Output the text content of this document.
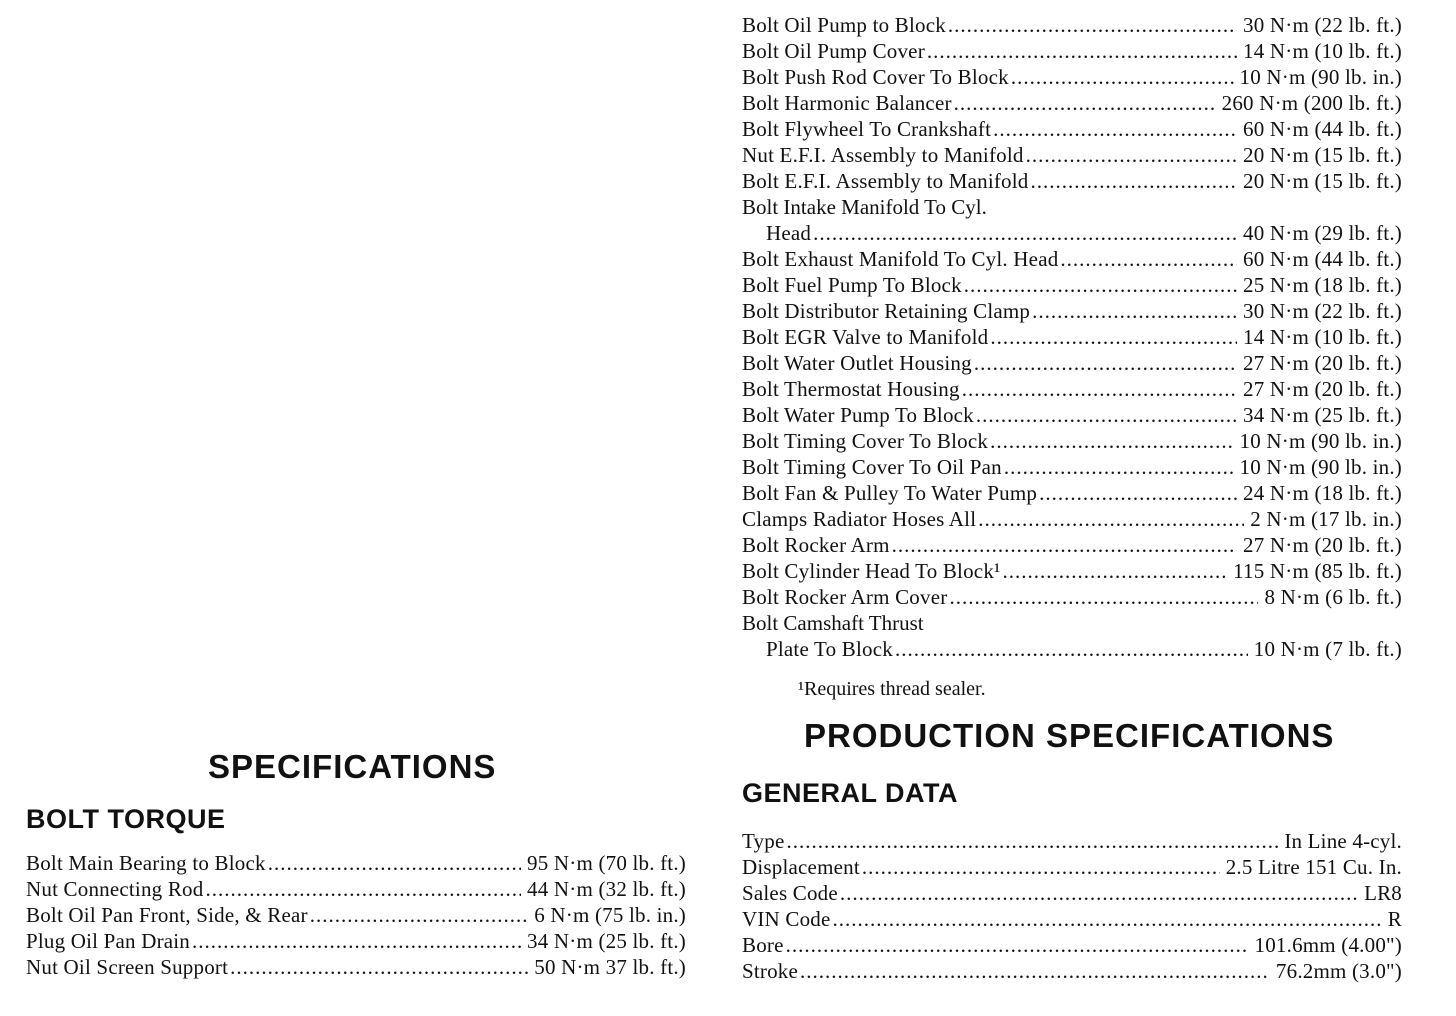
SPECIFICATIONS
BOLT TORQUE
Bolt Main Bearing to Block .....	95 N·m (70 lb. ft.)
Nut Connecting Rod .....	44 N·m (32 lb. ft.)
Bolt Oil Pan Front, Side, & Rear .....	6 N·m (75 lb. in.)
Plug Oil Pan Drain .....	34 N·m (25 lb. ft.)
Nut Oil Screen Support .....	50 N·m 37 lb. ft.)
Bolt Oil Pump to Block .....	30 N·m (22 lb. ft.)
Bolt Oil Pump Cover .....	14 N·m (10 lb. ft.)
Bolt Push Rod Cover To Block .....	10 N·m (90 lb. in.)
Bolt Harmonic Balancer .....	260 N·m (200 lb. ft.)
Bolt Flywheel To Crankshaft .....	60 N·m (44 lb. ft.)
Nut E.F.I. Assembly to Manifold .....	20 N·m (15 lb. ft.)
Bolt E.F.I. Assembly to Manifold .....	20 N·m (15 lb. ft.)
Bolt Intake Manifold To Cyl.
Head .....	40 N·m (29 lb. ft.)
Bolt Exhaust Manifold To Cyl. Head .....	60 N·m (44 lb. ft.)
Bolt Fuel Pump To Block .....	25 N·m (18 lb. ft.)
Bolt Distributor Retaining Clamp .....	30 N·m (22 lb. ft.)
Bolt EGR Valve to Manifold .....	14 N·m (10 lb. ft.)
Bolt Water Outlet Housing .....	27 N·m (20 lb. ft.)
Bolt Thermostat Housing .....	27 N·m (20 lb. ft.)
Bolt Water Pump To Block .....	34 N·m (25 lb. ft.)
Bolt Timing Cover To Block .....	10 N·m (90 lb. in.)
Bolt Timing Cover To Oil Pan .....	10 N·m (90 lb. in.)
Bolt Fan & Pulley To Water Pump .....	24 N·m (18 lb. ft.)
Clamps Radiator Hoses All .....	2 N·m (17 lb. in.)
Bolt Rocker Arm .....	27 N·m (20 lb. ft.)
Bolt Cylinder Head To Block¹ .....	115 N·m (85 lb. ft.)
Bolt Rocker Arm Cover .....	8 N·m (6 lb. ft.)
Bolt Camshaft Thrust
Plate To Block .....	10 N·m (7 lb. ft.)
¹Requires thread sealer.
PRODUCTION SPECIFICATIONS
GENERAL DATA
Type .....	In Line 4-cyl.
Displacement .....	2.5 Litre 151 Cu. In.
Sales Code .....	LR8
VIN Code .....	R
Bore .....	101.6mm (4.00")
Stroke .....	76.2mm (3.0")
